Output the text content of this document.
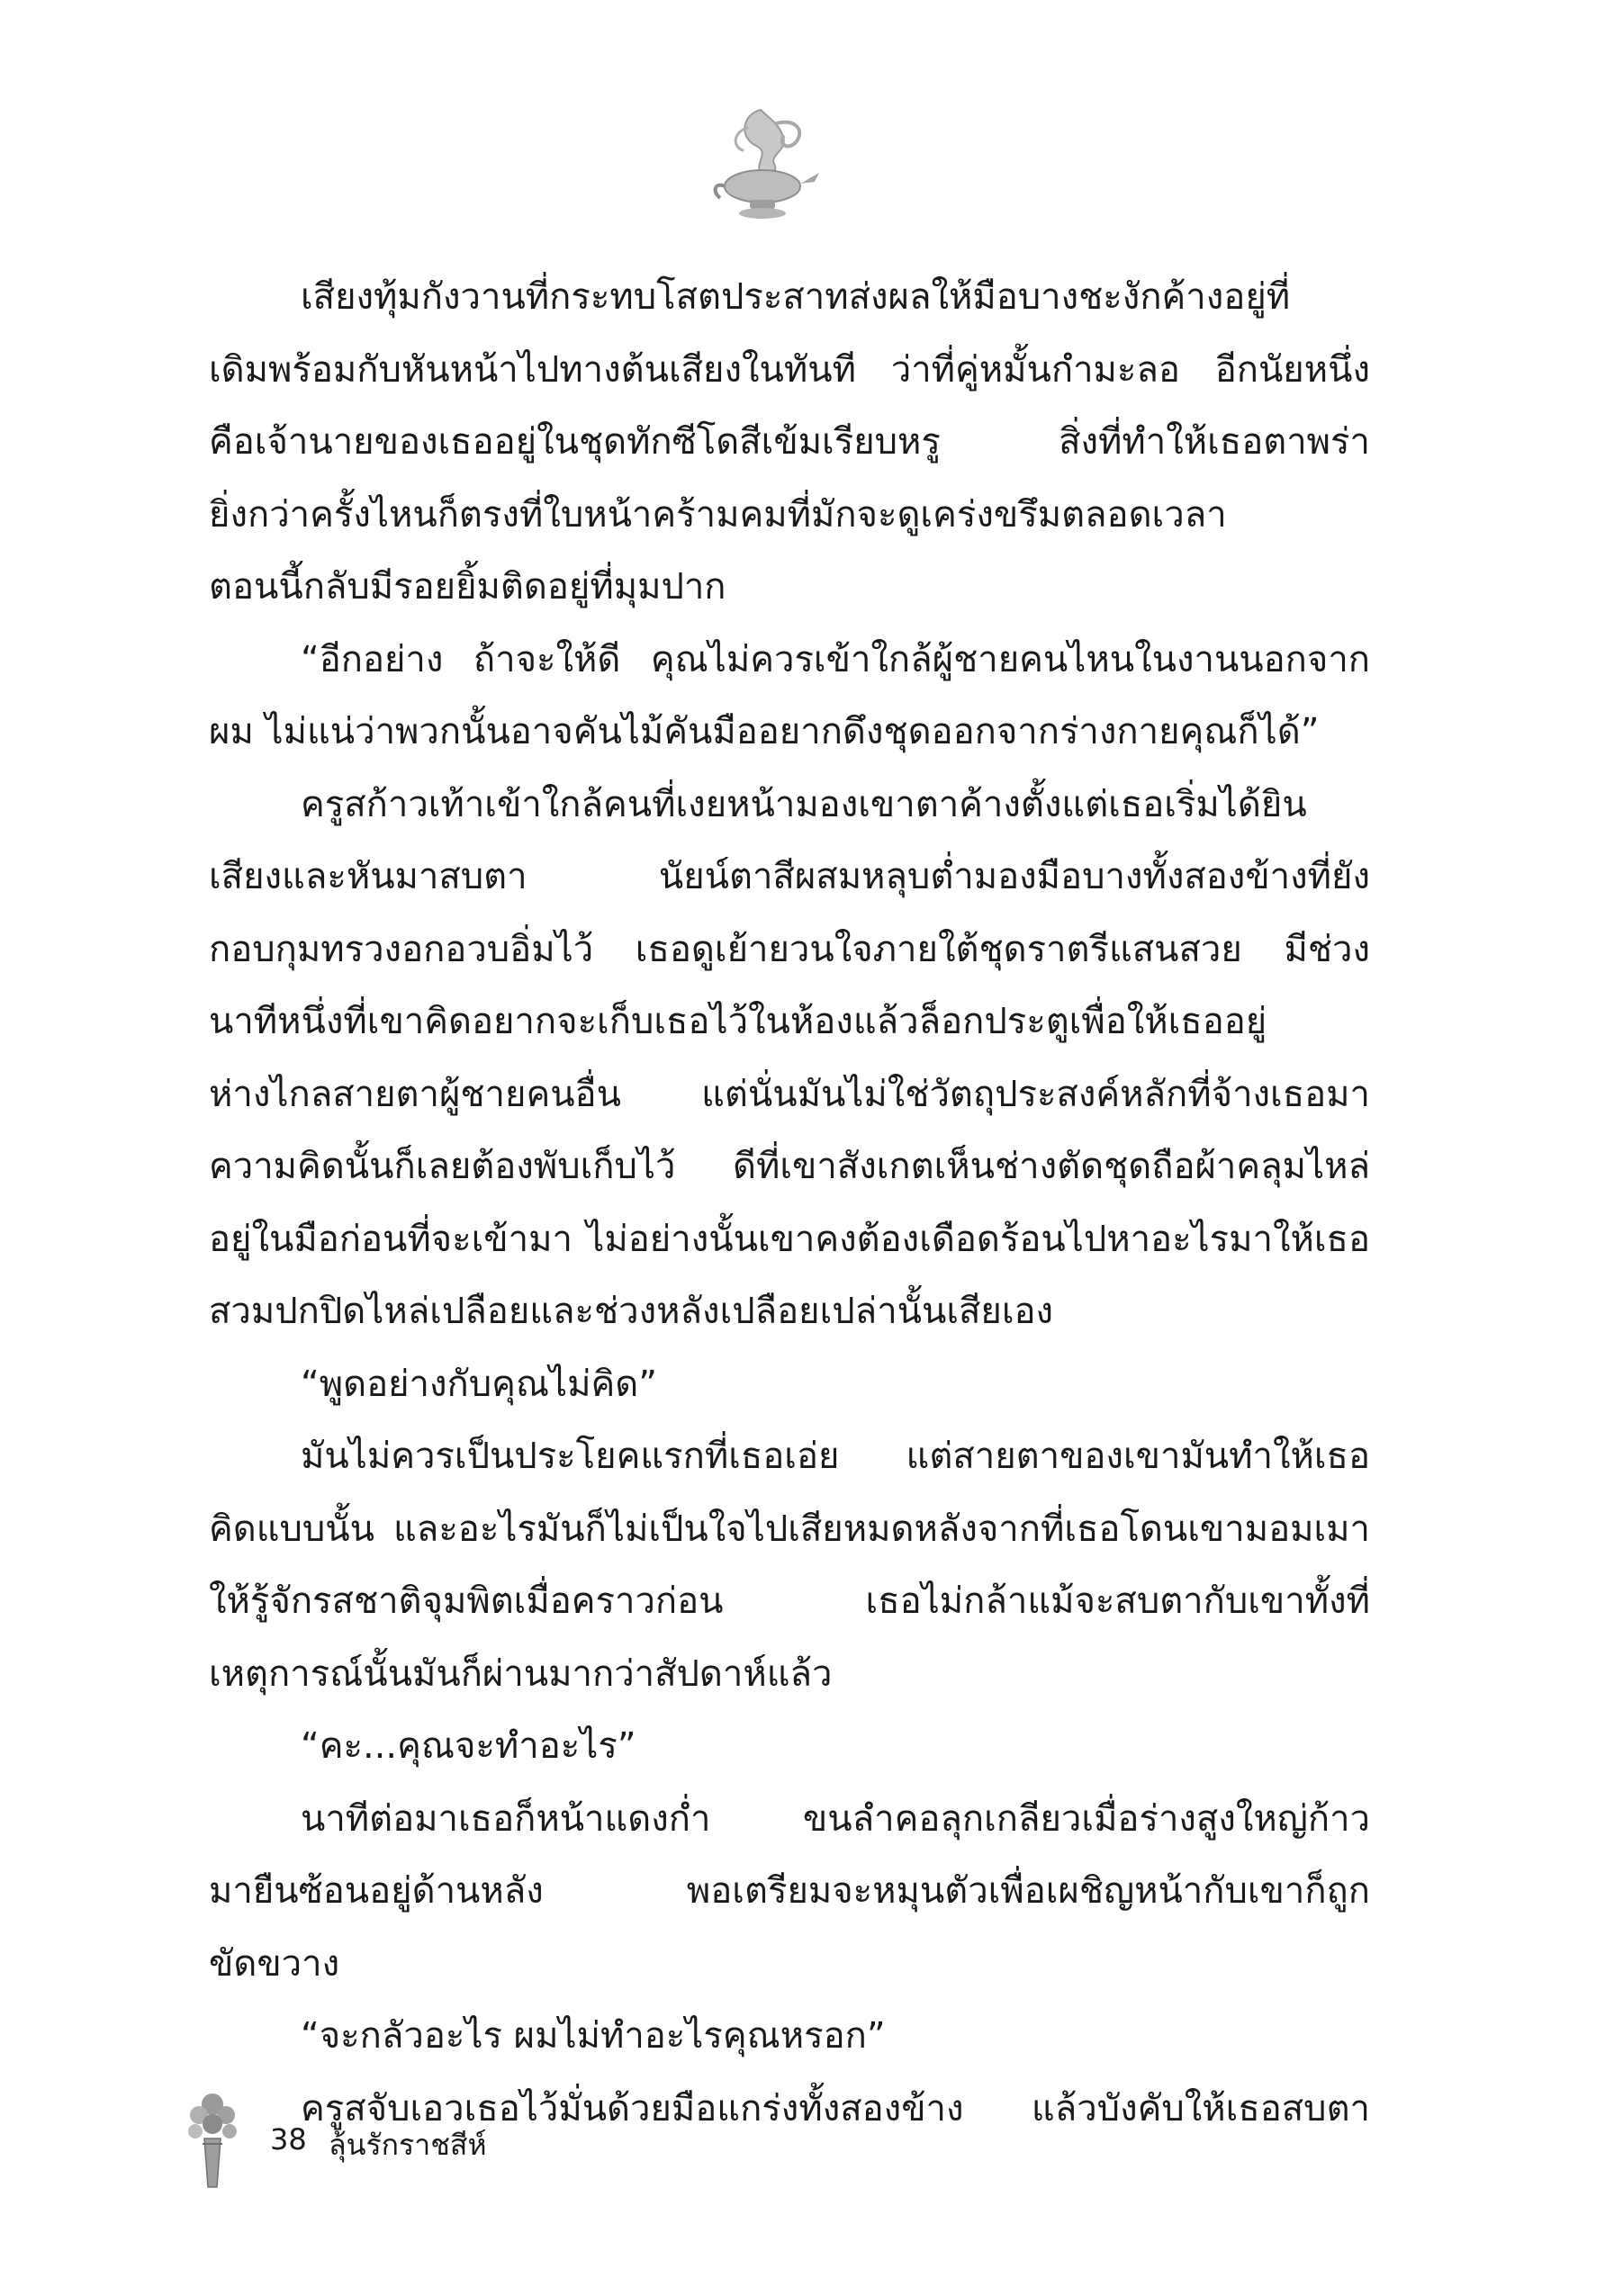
เสียงทุ้มกังวานที่กระทบโสตประสาทส่งผลให้มือบางชะงักค้างอยู่ที่
เดิมพร้อมกับหันหน้าไปทางต้นเสียงในทันที ว่าที่คู่หมั้นกำมะลอ อีกนัยหนึ่ง
คือเจ้านายของเธออยู่ในชุดทักซีโดสีเข้มเรียบหรู สิ่งที่ทำให้เธอตาพร่า
ยิ่งกว่าครั้งไหนก็ตรงที่ใบหน้าคร้ามคมที่มักจะดูเคร่งขรึมตลอดเวลา
ตอนนี้กลับมีรอยยิ้มติดอยู่ที่มุมปาก

“อีกอย่าง ถ้าจะให้ดี คุณไม่ควรเข้าใกล้ผู้ชายคนไหนในงานนอกจาก
ผม ไม่แน่ว่าพวกนั้นอาจคันไม้คันมืออยากดึงชุดออกจากร่างกายคุณก็ได้”

ครูสก้าวเท้าเข้าใกล้คนที่เงยหน้ามองเขาตาค้างตั้งแต่เธอเริ่มได้ยิน
เสียงและหันมาสบตา นัยน์ตาสีผสมหลุบต่ำมองมือบางทั้งสองข้างที่ยัง
กอบกุมทรวงอกอวบอิ่มไว้ เธอดูเย้ายวนใจภายใต้ชุดราตรีแสนสวย มีช่วง
นาทีหนึ่งที่เขาคิดอยากจะเก็บเธอไว้ในห้องแล้วล็อกประตูเพื่อให้เธออยู่
ห่างไกลสายตาผู้ชายคนอื่น แต่นั่นมันไม่ใช่วัตถุประสงค์หลักที่จ้างเธอมา
ความคิดนั้นก็เลยต้องพับเก็บไว้ ดีที่เขาสังเกตเห็นช่างตัดชุดถือผ้าคลุมไหล่
อยู่ในมือก่อนที่จะเข้ามา ไม่อย่างนั้นเขาคงต้องเดือดร้อนไปหาอะไรมาให้เธอ
สวมปกปิดไหล่เปลือยและช่วงหลังเปลือยเปล่านั้นเสียเอง

“พูดอย่างกับคุณไม่คิด”

มันไม่ควรเป็นประโยคแรกที่เธอเอ่ย แต่สายตาของเขามันทำให้เธอ
คิดแบบนั้น และอะไรมันก็ไม่เป็นใจไปเสียหมดหลังจากที่เธอโดนเขามอมเมา
ให้รู้จักรสชาติจุมพิตเมื่อคราวก่อน เธอไม่กล้าแม้จะสบตากับเขาทั้งที่
เหตุการณ์นั้นมันก็ผ่านมากว่าสัปดาห์แล้ว

“คะ...คุณจะทำอะไร”

นาทีต่อมาเธอก็หน้าแดงก่ำ ขนลำคอลุกเกลียวเมื่อร่างสูงใหญ่ก้าว
มายืนซ้อนอยู่ด้านหลัง พอเตรียมจะหมุนตัวเพื่อเผชิญหน้ากับเขาก็ถูก
ขัดขวาง

“จะกลัวอะไร ผมไม่ทำอะไรคุณหรอก”

ครูสจับเอวเธอไว้มั่นด้วยมือแกร่งทั้งสองข้าง แล้วบังคับให้เธอสบตา

38 ลุ้นรักราชสีห์
